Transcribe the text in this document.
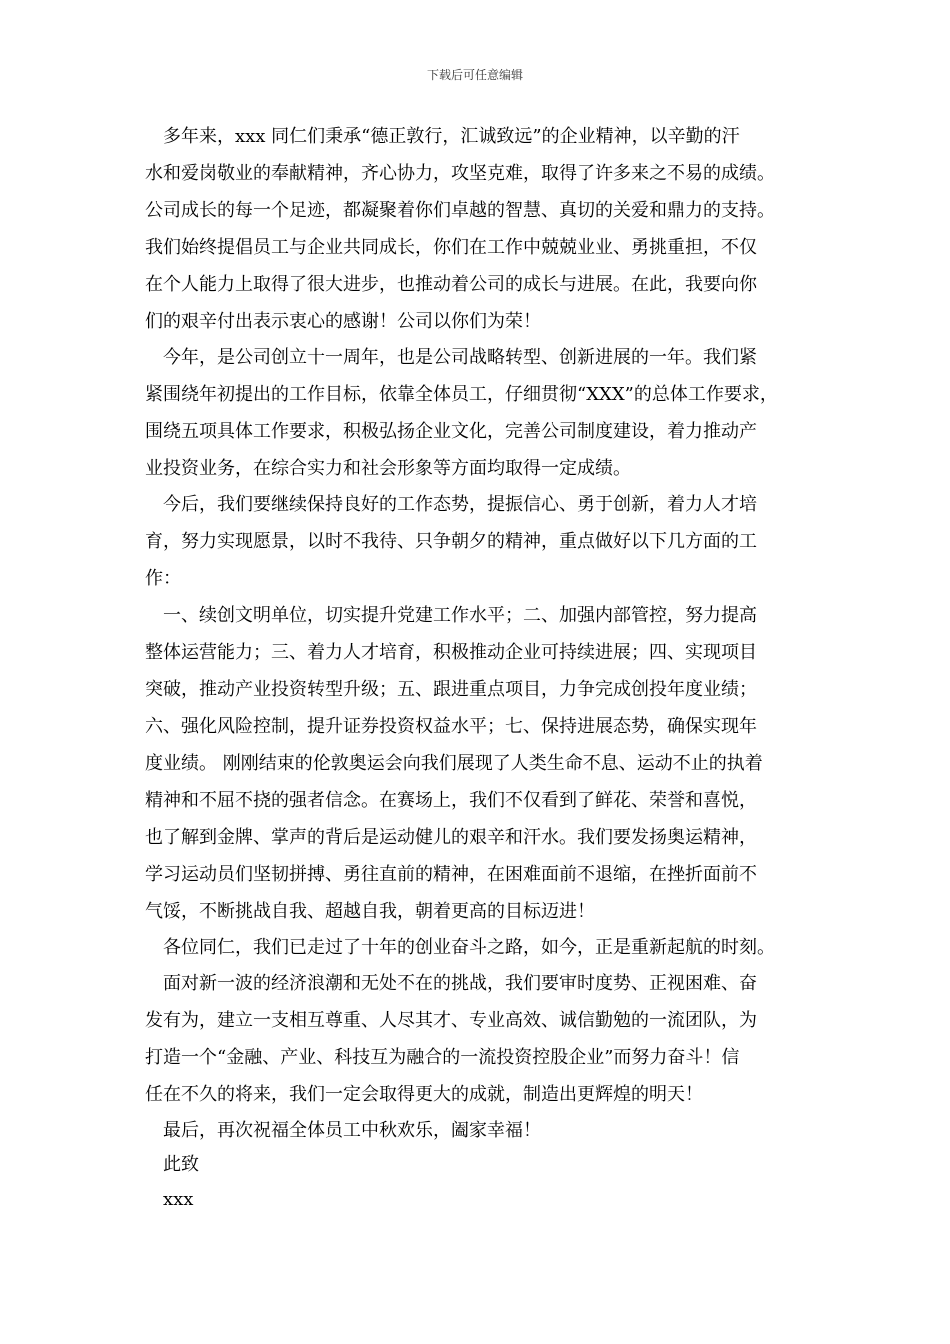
下载后可任意编辑
多年来，xxx 同仁们秉承“德正敦行，汇诚致远”的企业精神，以辛勤的汗
水和爱岗敬业的奉献精神，齐心协力，攻坚克难，取得了许多来之不易的成绩。
公司成长的每一个足迹，都凝聚着你们卓越的智慧、真切的关爱和鼎力的支持。
我们始终提倡员工与企业共同成长，你们在工作中兢兢业业、勇挑重担，不仅
在个人能力上取得了很大进步，也推动着公司的成长与进展。在此，我要向你
们的艰辛付出表示衷心的感谢！公司以你们为荣！
今年，是公司创立十一周年，也是公司战略转型、创新进展的一年。我们紧
紧围绕年初提出的工作目标，依靠全体员工，仔细贯彻“XXX”的总体工作要求，
围绕五项具体工作要求，积极弘扬企业文化，完善公司制度建设，着力推动产
业投资业务，在综合实力和社会形象等方面均取得一定成绩。
今后，我们要继续保持良好的工作态势，提振信心、勇于创新，着力人才培
育，努力实现愿景，以时不我待、只争朝夕的精神，重点做好以下几方面的工
作：
一、续创文明单位，切实提升党建工作水平；二、加强内部管控，努力提高
整体运营能力；三、着力人才培育，积极推动企业可持续进展；四、实现项目
突破，推动产业投资转型升级；五、跟进重点项目，力争完成创投年度业绩；
六、强化风险控制，提升证券投资权益水平；七、保持进展态势，确保实现年
度业绩。 刚刚结束的伦敦奥运会向我们展现了人类生命不息、运动不止的执着
精神和不屈不挠的强者信念。在赛场上，我们不仅看到了鲜花、荣誉和喜悦，
也了解到金牌、掌声的背后是运动健儿的艰辛和汗水。我们要发扬奥运精神，
学习运动员们坚韧拼搏、勇往直前的精神，在困难面前不退缩，在挫折面前不
气馁，不断挑战自我、超越自我，朝着更高的目标迈进！
各位同仁，我们已走过了十年的创业奋斗之路，如今，正是重新起航的时刻。
面对新一波的经济浪潮和无处不在的挑战，我们要审时度势、正视困难、奋
发有为，建立一支相互尊重、人尽其才、专业高效、诚信勤勉的一流团队，为
打造一个“金融、产业、科技互为融合的一流投资控股企业”而努力奋斗！信
任在不久的将来，我们一定会取得更大的成就，制造出更辉煌的明天！
最后，再次祝福全体员工中秋欢乐，阖家幸福！
此致
xxx
